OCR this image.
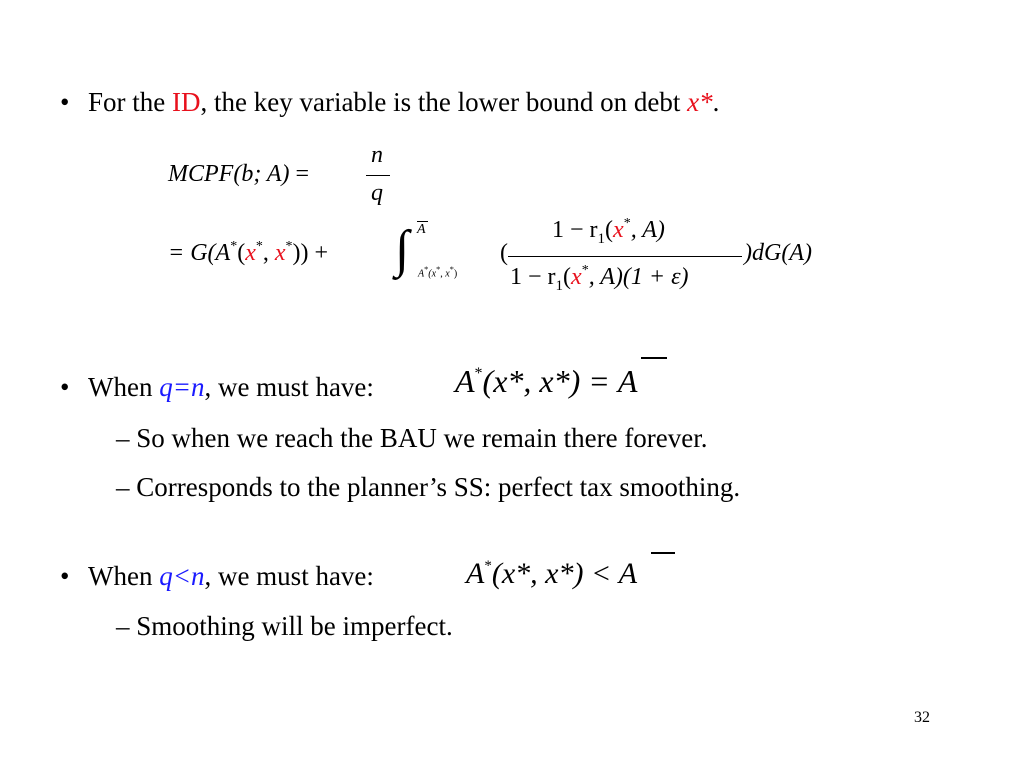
• For the ID, the key variable is the lower bound on debt x*.
MCPF(b; A) =
n
q
= G(A*(x*, x*)) + ∫ A
A*(x*, x*)
(
$1 - r_1(x^*$, A)
$1 - r_1(x^*$, A)(1 + ε)
)dG(A)
• When q=n, we must have:	A*(x*, x*) = A
– So when we reach the BAU we remain there forever.
– Corresponds to the planner’s SS: perfect tax smoothing.
• When q<n, we must have:	A*(x*, x*) < A
– Smoothing will be imperfect.
32
